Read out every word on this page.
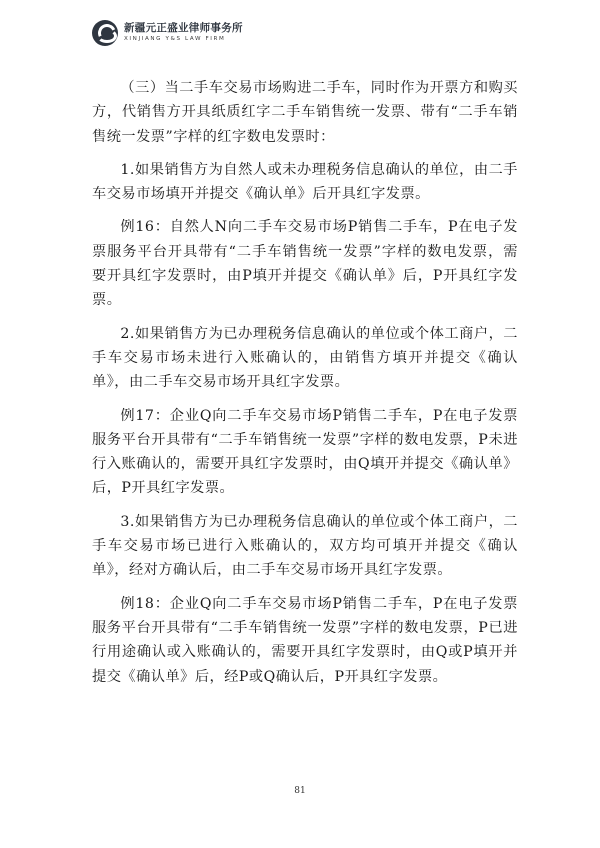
新疆元正盛业律师事务所
XINJIANG Y&S LAW FIRM

（三）当二手车交易市场购进二手车，同时作为开票方和购买方，代销售方开具纸质红字二手车销售统一发票、带有“二手车销售统一发票”字样的红字数电发票时：

1.如果销售方为自然人或未办理税务信息确认的单位，由二手车交易市场填开并提交《确认单》后开具红字发票。

例16：自然人N向二手车交易市场P销售二手车，P在电子发票服务平台开具带有“二手车销售统一发票”字样的数电发票，需要开具红字发票时，由P填开并提交《确认单》后，P开具红字发票。

2.如果销售方为已办理税务信息确认的单位或个体工商户，二手车交易市场未进行入账确认的，由销售方填开并提交《确认单》，由二手车交易市场开具红字发票。

例17：企业Q向二手车交易市场P销售二手车，P在电子发票服务平台开具带有“二手车销售统一发票”字样的数电发票，P未进行入账确认的，需要开具红字发票时，由Q填开并提交《确认单》后，P开具红字发票。

3.如果销售方为已办理税务信息确认的单位或个体工商户，二手车交易市场已进行入账确认的，双方均可填开并提交《确认单》，经对方确认后，由二手车交易市场开具红字发票。

例18：企业Q向二手车交易市场P销售二手车，P在电子发票服务平台开具带有“二手车销售统一发票”字样的数电发票，P已进行用途确认或入账确认的，需要开具红字发票时，由Q或P填开并提交《确认单》后，经P或Q确认后，P开具红字发票。

81
